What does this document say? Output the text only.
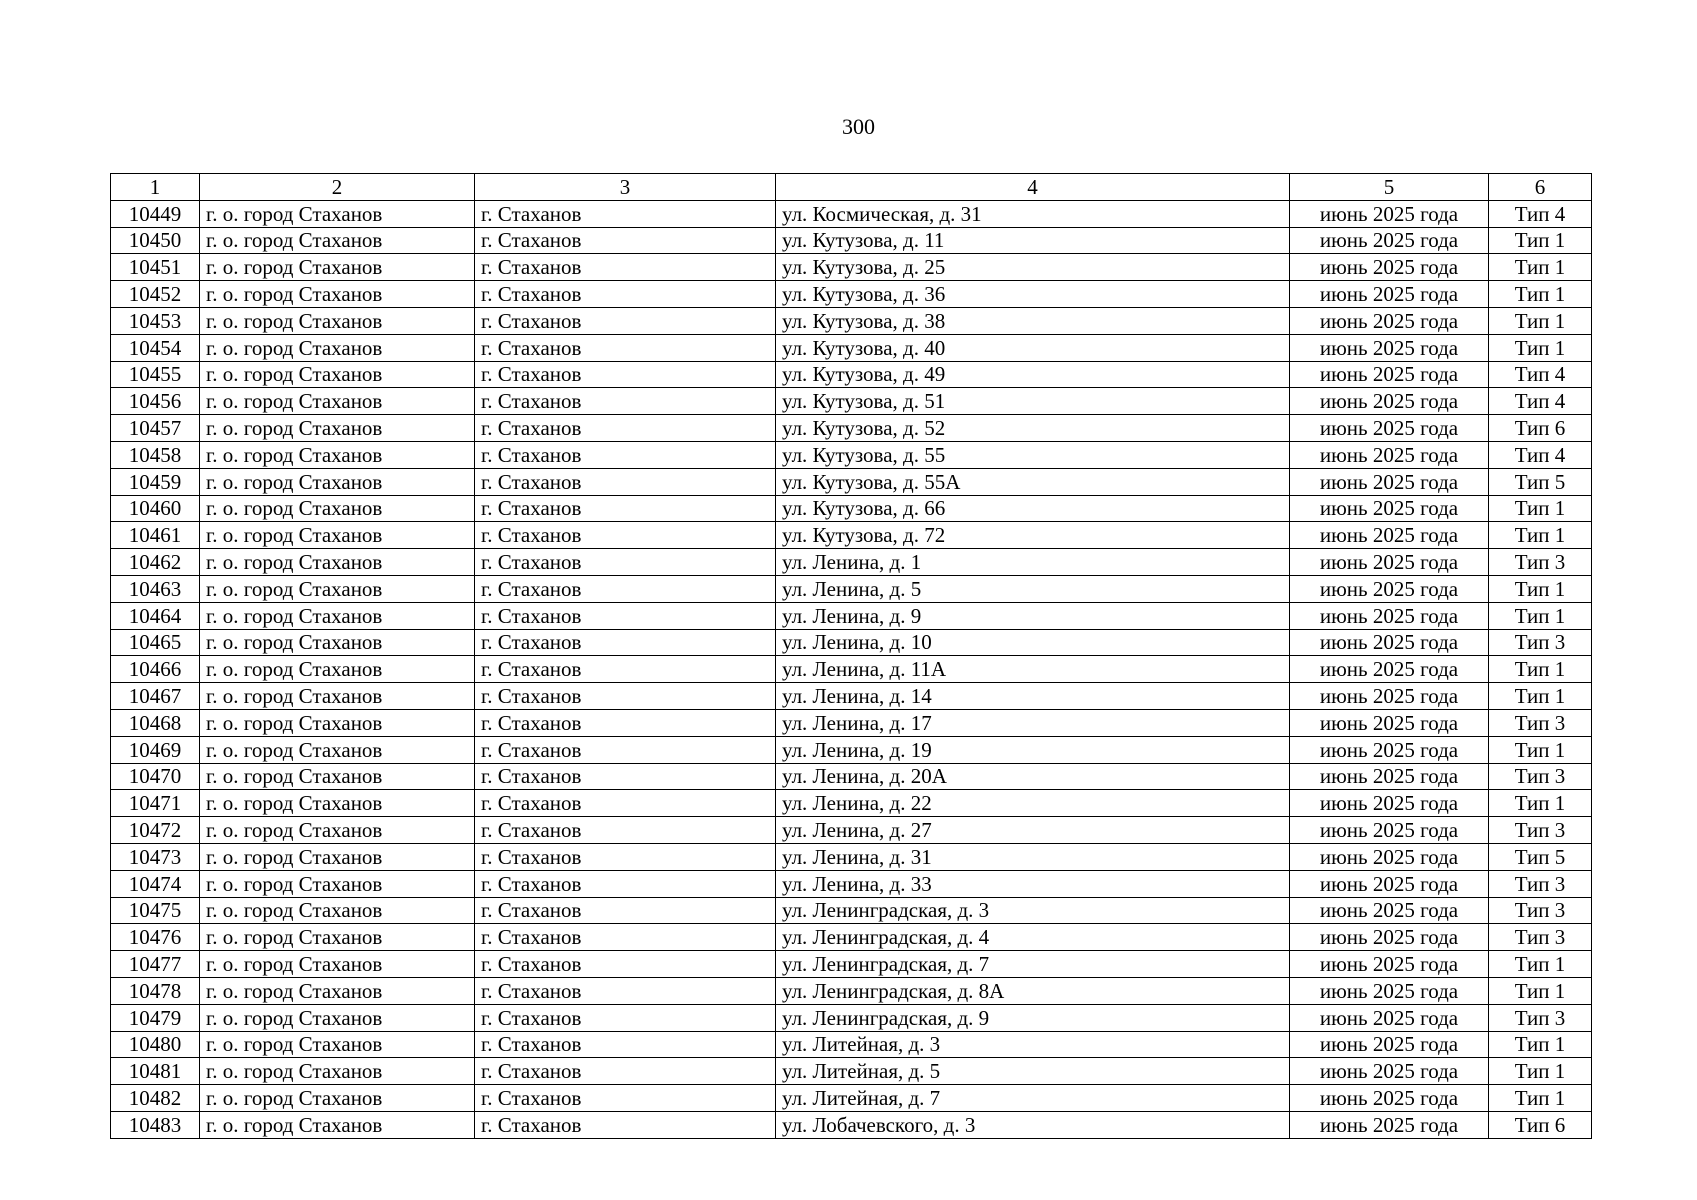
300
1	2	3	4	5	6
10449	г. о. город Стаханов	г. Стаханов	ул. Космическая, д. 31	июнь 2025 года	Тип 4
10450	г. о. город Стаханов	г. Стаханов	ул. Кутузова, д. 11	июнь 2025 года	Тип 1
10451	г. о. город Стаханов	г. Стаханов	ул. Кутузова, д. 25	июнь 2025 года	Тип 1
10452	г. о. город Стаханов	г. Стаханов	ул. Кутузова, д. 36	июнь 2025 года	Тип 1
10453	г. о. город Стаханов	г. Стаханов	ул. Кутузова, д. 38	июнь 2025 года	Тип 1
10454	г. о. город Стаханов	г. Стаханов	ул. Кутузова, д. 40	июнь 2025 года	Тип 1
10455	г. о. город Стаханов	г. Стаханов	ул. Кутузова, д. 49	июнь 2025 года	Тип 4
10456	г. о. город Стаханов	г. Стаханов	ул. Кутузова, д. 51	июнь 2025 года	Тип 4
10457	г. о. город Стаханов	г. Стаханов	ул. Кутузова, д. 52	июнь 2025 года	Тип 6
10458	г. о. город Стаханов	г. Стаханов	ул. Кутузова, д. 55	июнь 2025 года	Тип 4
10459	г. о. город Стаханов	г. Стаханов	ул. Кутузова, д. 55А	июнь 2025 года	Тип 5
10460	г. о. город Стаханов	г. Стаханов	ул. Кутузова, д. 66	июнь 2025 года	Тип 1
10461	г. о. город Стаханов	г. Стаханов	ул. Кутузова, д. 72	июнь 2025 года	Тип 1
10462	г. о. город Стаханов	г. Стаханов	ул. Ленина, д. 1	июнь 2025 года	Тип 3
10463	г. о. город Стаханов	г. Стаханов	ул. Ленина, д. 5	июнь 2025 года	Тип 1
10464	г. о. город Стаханов	г. Стаханов	ул. Ленина, д. 9	июнь 2025 года	Тип 1
10465	г. о. город Стаханов	г. Стаханов	ул. Ленина, д. 10	июнь 2025 года	Тип 3
10466	г. о. город Стаханов	г. Стаханов	ул. Ленина, д. 11А	июнь 2025 года	Тип 1
10467	г. о. город Стаханов	г. Стаханов	ул. Ленина, д. 14	июнь 2025 года	Тип 1
10468	г. о. город Стаханов	г. Стаханов	ул. Ленина, д. 17	июнь 2025 года	Тип 3
10469	г. о. город Стаханов	г. Стаханов	ул. Ленина, д. 19	июнь 2025 года	Тип 1
10470	г. о. город Стаханов	г. Стаханов	ул. Ленина, д. 20А	июнь 2025 года	Тип 3
10471	г. о. город Стаханов	г. Стаханов	ул. Ленина, д. 22	июнь 2025 года	Тип 1
10472	г. о. город Стаханов	г. Стаханов	ул. Ленина, д. 27	июнь 2025 года	Тип 3
10473	г. о. город Стаханов	г. Стаханов	ул. Ленина, д. 31	июнь 2025 года	Тип 5
10474	г. о. город Стаханов	г. Стаханов	ул. Ленина, д. 33	июнь 2025 года	Тип 3
10475	г. о. город Стаханов	г. Стаханов	ул. Ленинградская, д. 3	июнь 2025 года	Тип 3
10476	г. о. город Стаханов	г. Стаханов	ул. Ленинградская, д. 4	июнь 2025 года	Тип 3
10477	г. о. город Стаханов	г. Стаханов	ул. Ленинградская, д. 7	июнь 2025 года	Тип 1
10478	г. о. город Стаханов	г. Стаханов	ул. Ленинградская, д. 8А	июнь 2025 года	Тип 1
10479	г. о. город Стаханов	г. Стаханов	ул. Ленинградская, д. 9	июнь 2025 года	Тип 3
10480	г. о. город Стаханов	г. Стаханов	ул. Литейная, д. 3	июнь 2025 года	Тип 1
10481	г. о. город Стаханов	г. Стаханов	ул. Литейная, д. 5	июнь 2025 года	Тип 1
10482	г. о. город Стаханов	г. Стаханов	ул. Литейная, д. 7	июнь 2025 года	Тип 1
10483	г. о. город Стаханов	г. Стаханов	ул. Лобачевского, д. 3	июнь 2025 года	Тип 6
